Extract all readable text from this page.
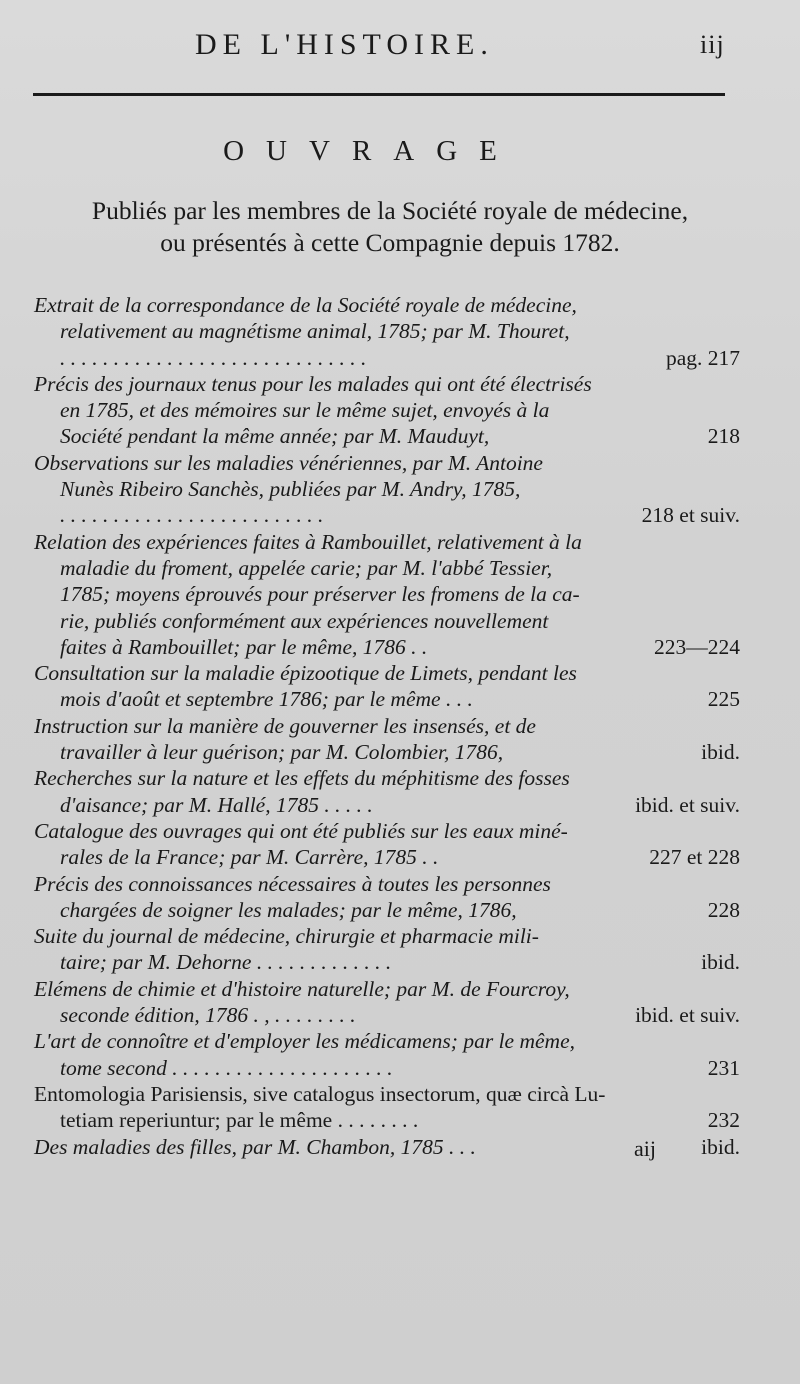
DE L'HISTOIRE.	iij
OUVRAGE
Publiés par les membres de la Société royale de médecine,
ou présentés à cette Compagnie depuis 1782.
Extrait de la correspondance de la Société royale de médecine,
relativement au magnétisme animal, 1785; par M. Thouret,
. . . . . . . . . . . . . . . . . . . . . . . . . . . . .	pag. 217
Précis des journaux tenus pour les malades qui ont été électrisés
en 1785, et des mémoires sur le même sujet, envoyés à la
Société pendant la même année; par M. Mauduyt,	218
Observations sur les maladies vénériennes, par M. Antoine
Nunès Ribeiro Sanchès, publiées par M. Andry, 1785,
. . . . . . . . . . . . . . . . . . . . . . . . .	218 et suiv.
Relation des expériences faites à Rambouillet, relativement à la
maladie du froment, appelée carie; par M. l'abbé Tessier,
1785; moyens éprouvés pour préserver les fromens de la ca-
rie, publiés conformément aux expériences nouvellement
faites à Rambouillet; par le même, 1786 . .	223—224
Consultation sur la maladie épizootique de Limets, pendant les
mois d'août et septembre 1786; par le même . . .	225
Instruction sur la manière de gouverner les insensés, et de
travailler à leur guérison; par M. Colombier, 1786,	ibid.
Recherches sur la nature et les effets du méphitisme des fosses
d'aisance; par M. Hallé, 1785 . . . . .	ibid. et suiv.
Catalogue des ouvrages qui ont été publiés sur les eaux miné-
rales de la France; par M. Carrère, 1785 . .	227 et 228
Précis des connoissances nécessaires à toutes les personnes
chargées de soigner les malades; par le même, 1786,	228
Suite du journal de médecine, chirurgie et pharmacie mili-
taire; par M. Dehorne . . . . . . . . . . . . .	ibid.
Elémens de chimie et d'histoire naturelle; par M. de Fourcroy,
seconde édition, 1786 . , . . . . . . . .	ibid. et suiv.
L'art de connoître et d'employer les médicamens; par le même,
tome second . . . . . . . . . . . . . . . . . . . . .	231
Entomologia Parisiensis, sive catalogus insectorum, quæ circà Lu-
tetiam reperiuntur; par le même . . . . . . . .	232
Des maladies des filles, par M. Chambon, 1785 . . .	ibid.
aij
